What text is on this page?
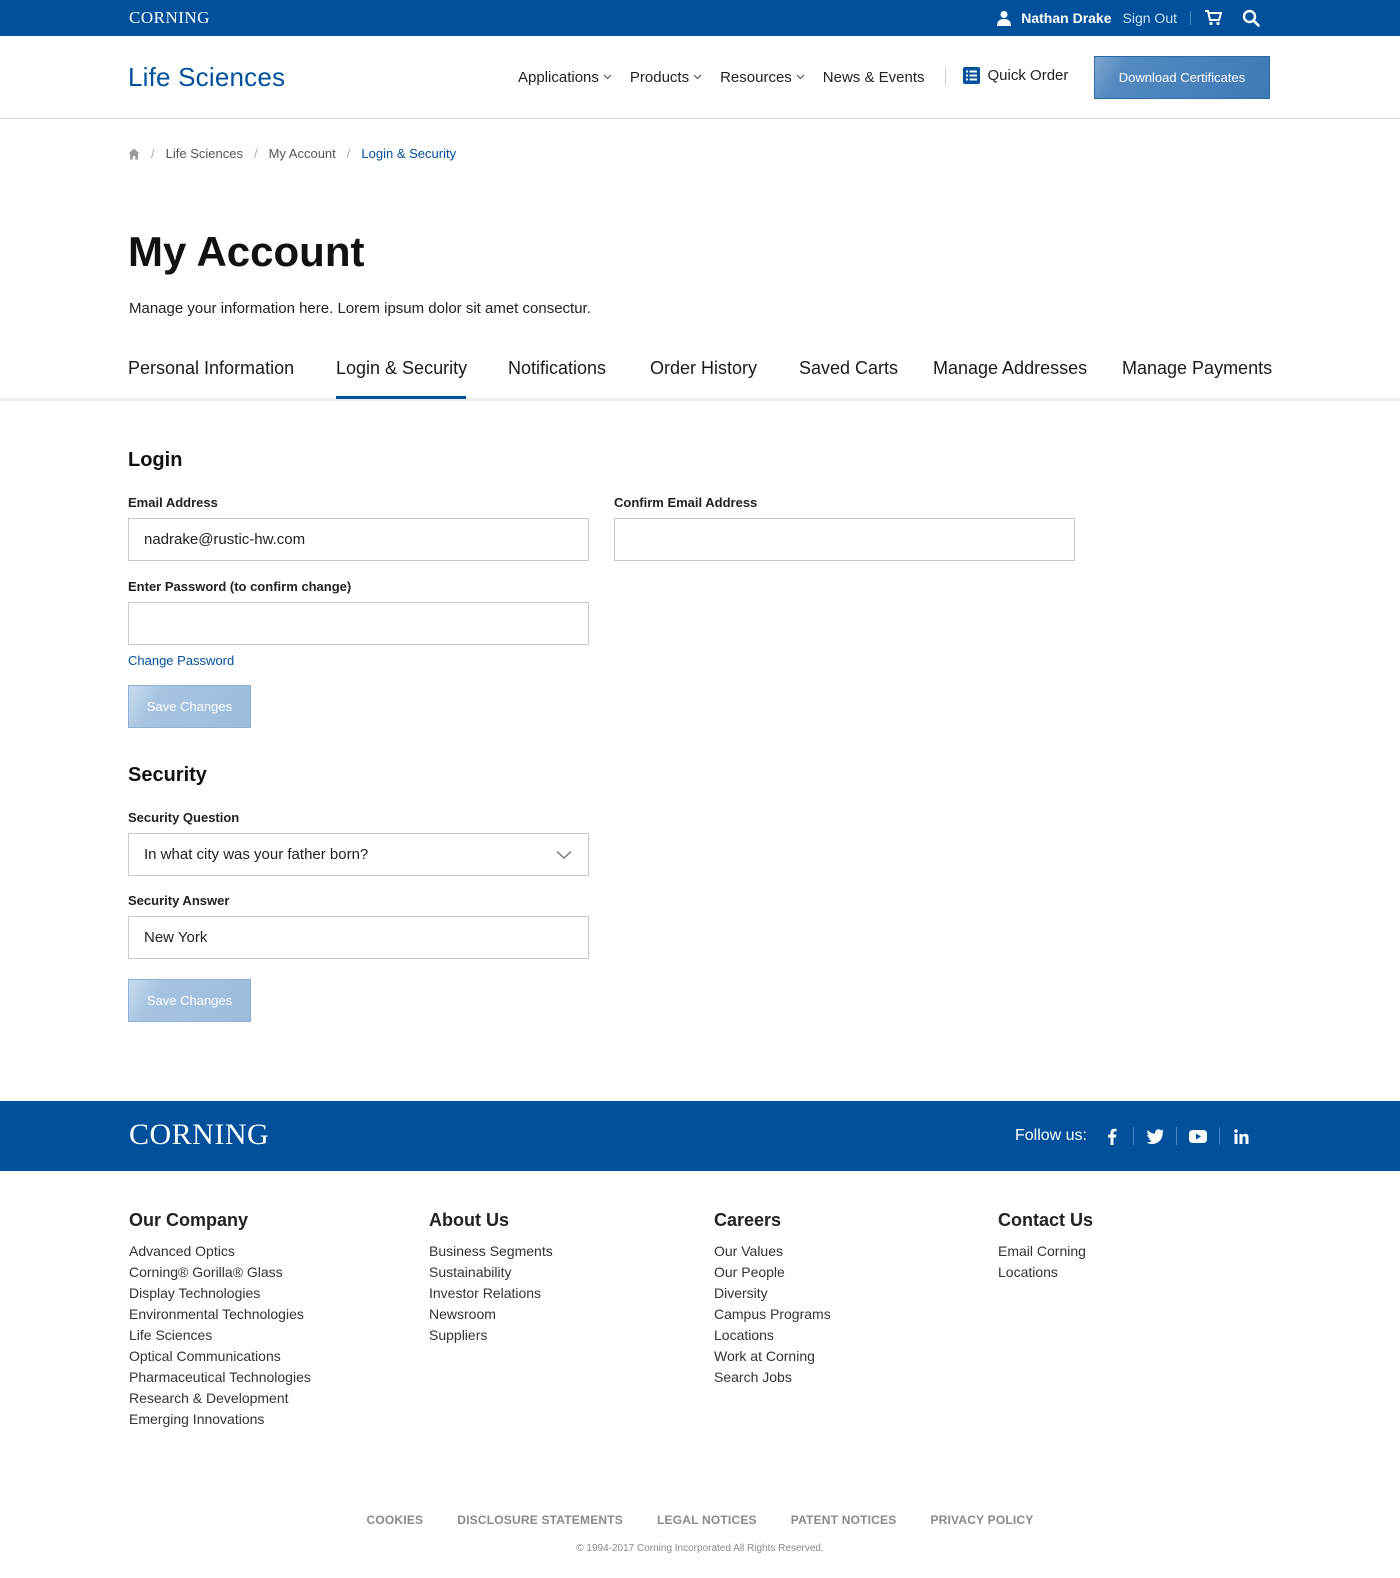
CORNING	Nathan Drake Sign Out
Life Sciences	Applications Products Resources News & Events	Quick Order	Download Certificates
/ Life Sciences / My Account / Login & Security
My Account
Manage your information here. Lorem ipsum dolor sit amet consectur.
Personal Information Login & Security Notifications Order History Saved Carts Manage Addresses Manage Payments
Login
Email Address
nadrake@rustic-hw.com
Confirm Email Address
Enter Password (to confirm change)
Change Password
Save Changes
Security
Security Question
In what city was your father born?
Security Answer
New York
Save Changes
CORNING	Follow us:
Our Company
Advanced Optics
Corning® Gorilla® Glass
Display Technologies
Environmental Technologies
Life Sciences
Optical Communications
Pharmaceutical Technologies
Research & Development
Emerging Innovations
About Us
Business Segments
Sustainability
Investor Relations
Newsroom
Suppliers
Careers
Our Values
Our People
Diversity
Campus Programs
Locations
Work at Corning
Search Jobs
Contact Us
Email Corning
Locations
COOKIES	DISCLOSURE STATEMENTS	LEGAL NOTICES	PATENT NOTICES	PRIVACY POLICY
© 1994-2017 Corning Incorporated All Rights Reserved.
